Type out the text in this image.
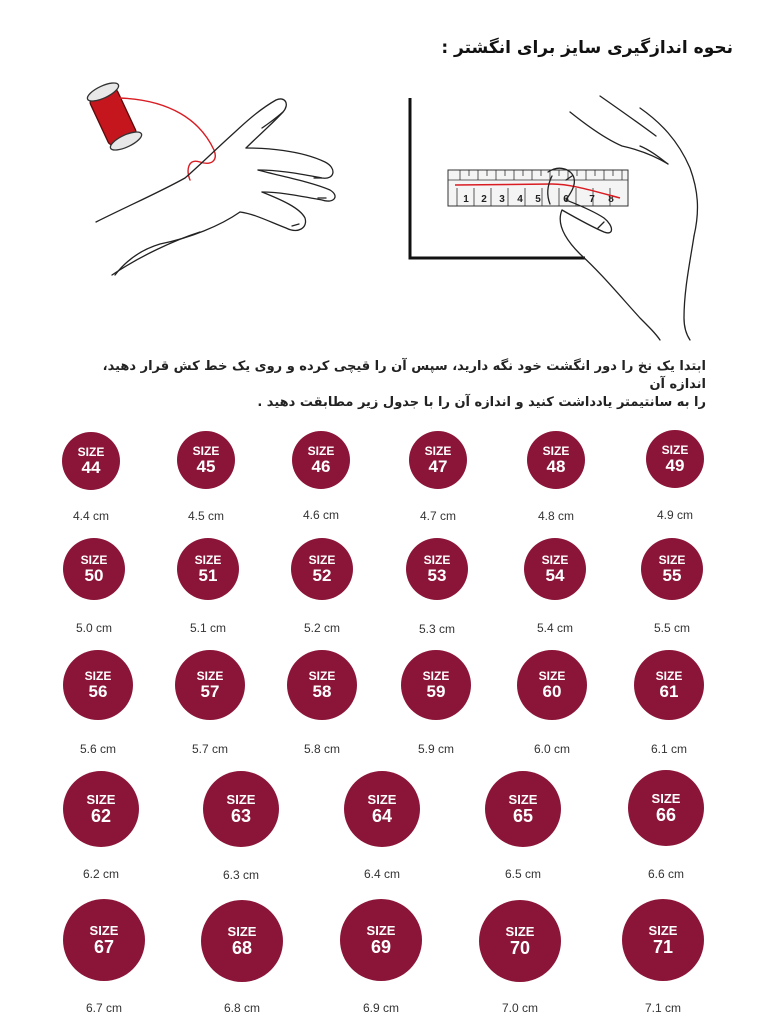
نحوه اندازگیری سایز برای انگشتر :
1 2 3 4 5 6 7 8
ابتدا یک نخ را دور انگشت خود نگه دارید، سپس آن را قیچی کرده و روی یک خط کش قرار دهید، اندازه آن
را به سانتیمتر یادداشت کنید و اندازه آن را با جدول زیر مطابقت دهید .
SIZE
44
4.4 cm
SIZE
45
4.5 cm
SIZE
46
4.6 cm
SIZE
47
4.7 cm
SIZE
48
4.8 cm
SIZE
49
4.9 cm
SIZE
50
5.0 cm
SIZE
51
5.1 cm
SIZE
52
5.2 cm
SIZE
53
5.3 cm
SIZE
54
5.4 cm
SIZE
55
5.5 cm
SIZE
56
5.6 cm
SIZE
57
5.7 cm
SIZE
58
5.8 cm
SIZE
59
5.9 cm
SIZE
60
6.0 cm
SIZE
61
6.1 cm
SIZE
62
6.2 cm
SIZE
63
6.3 cm
SIZE
64
6.4 cm
SIZE
65
6.5 cm
SIZE
66
6.6 cm
SIZE
67
6.7 cm
SIZE
68
6.8 cm
SIZE
69
6.9 cm
SIZE
70
7.0 cm
SIZE
71
7.1 cm
